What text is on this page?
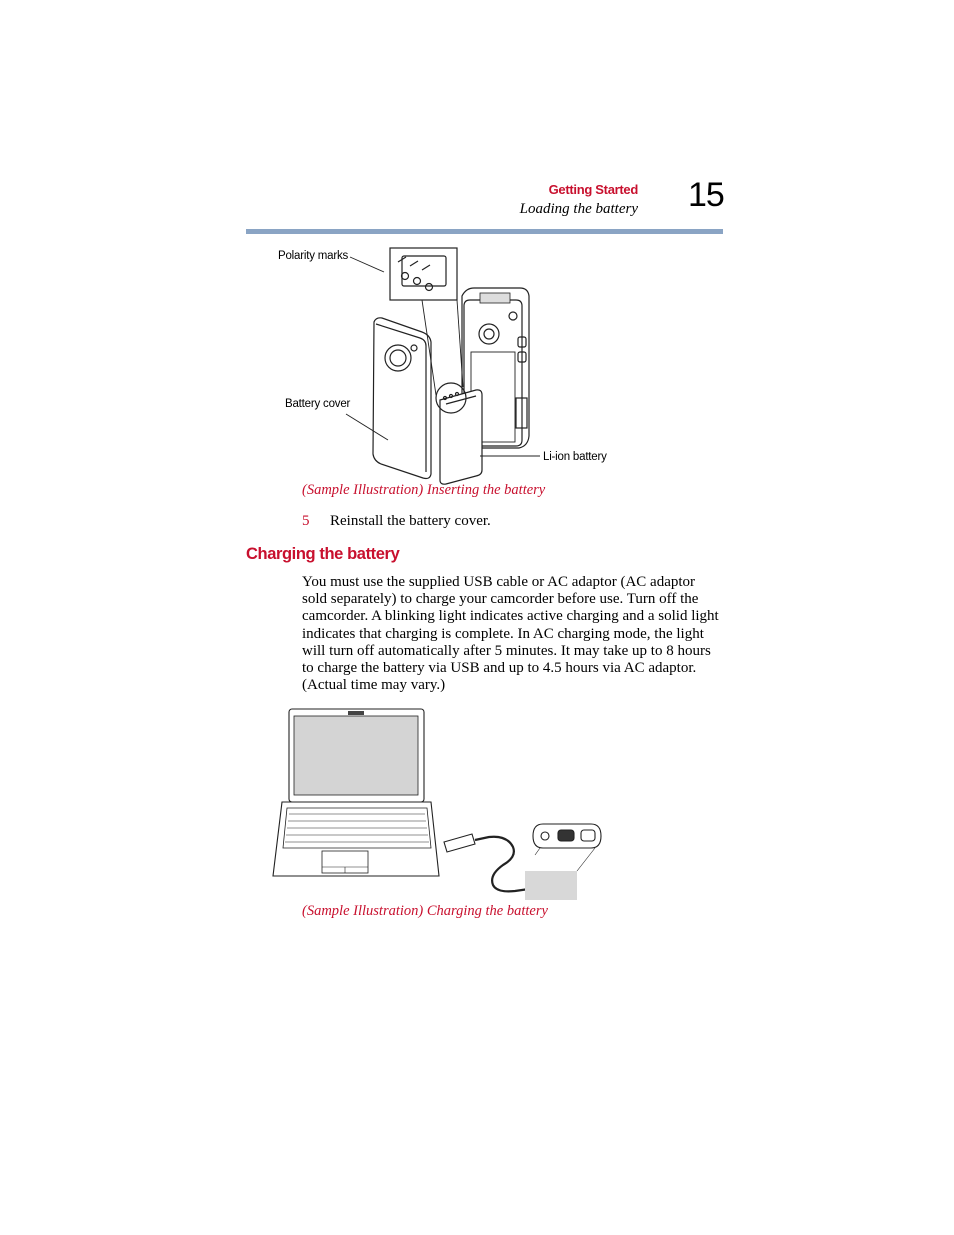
Getting Started
Loading the battery 15
Polarity marks
Battery cover
Li-ion battery
(Sample Illustration) Inserting the battery
5 Reinstall the battery cover.
Charging the battery
You must use the supplied USB cable or AC adaptor (AC adaptor sold separately) to charge your camcorder before use. Turn off the camcorder. A blinking light indicates active charging and a solid light indicates that charging is complete. In AC charging mode, the light will turn off automatically after 5 minutes. It may take up to 8 hours to charge the battery via USB and up to 4.5 hours via AC adaptor. (Actual time may vary.)
(Sample Illustration) Charging the battery
